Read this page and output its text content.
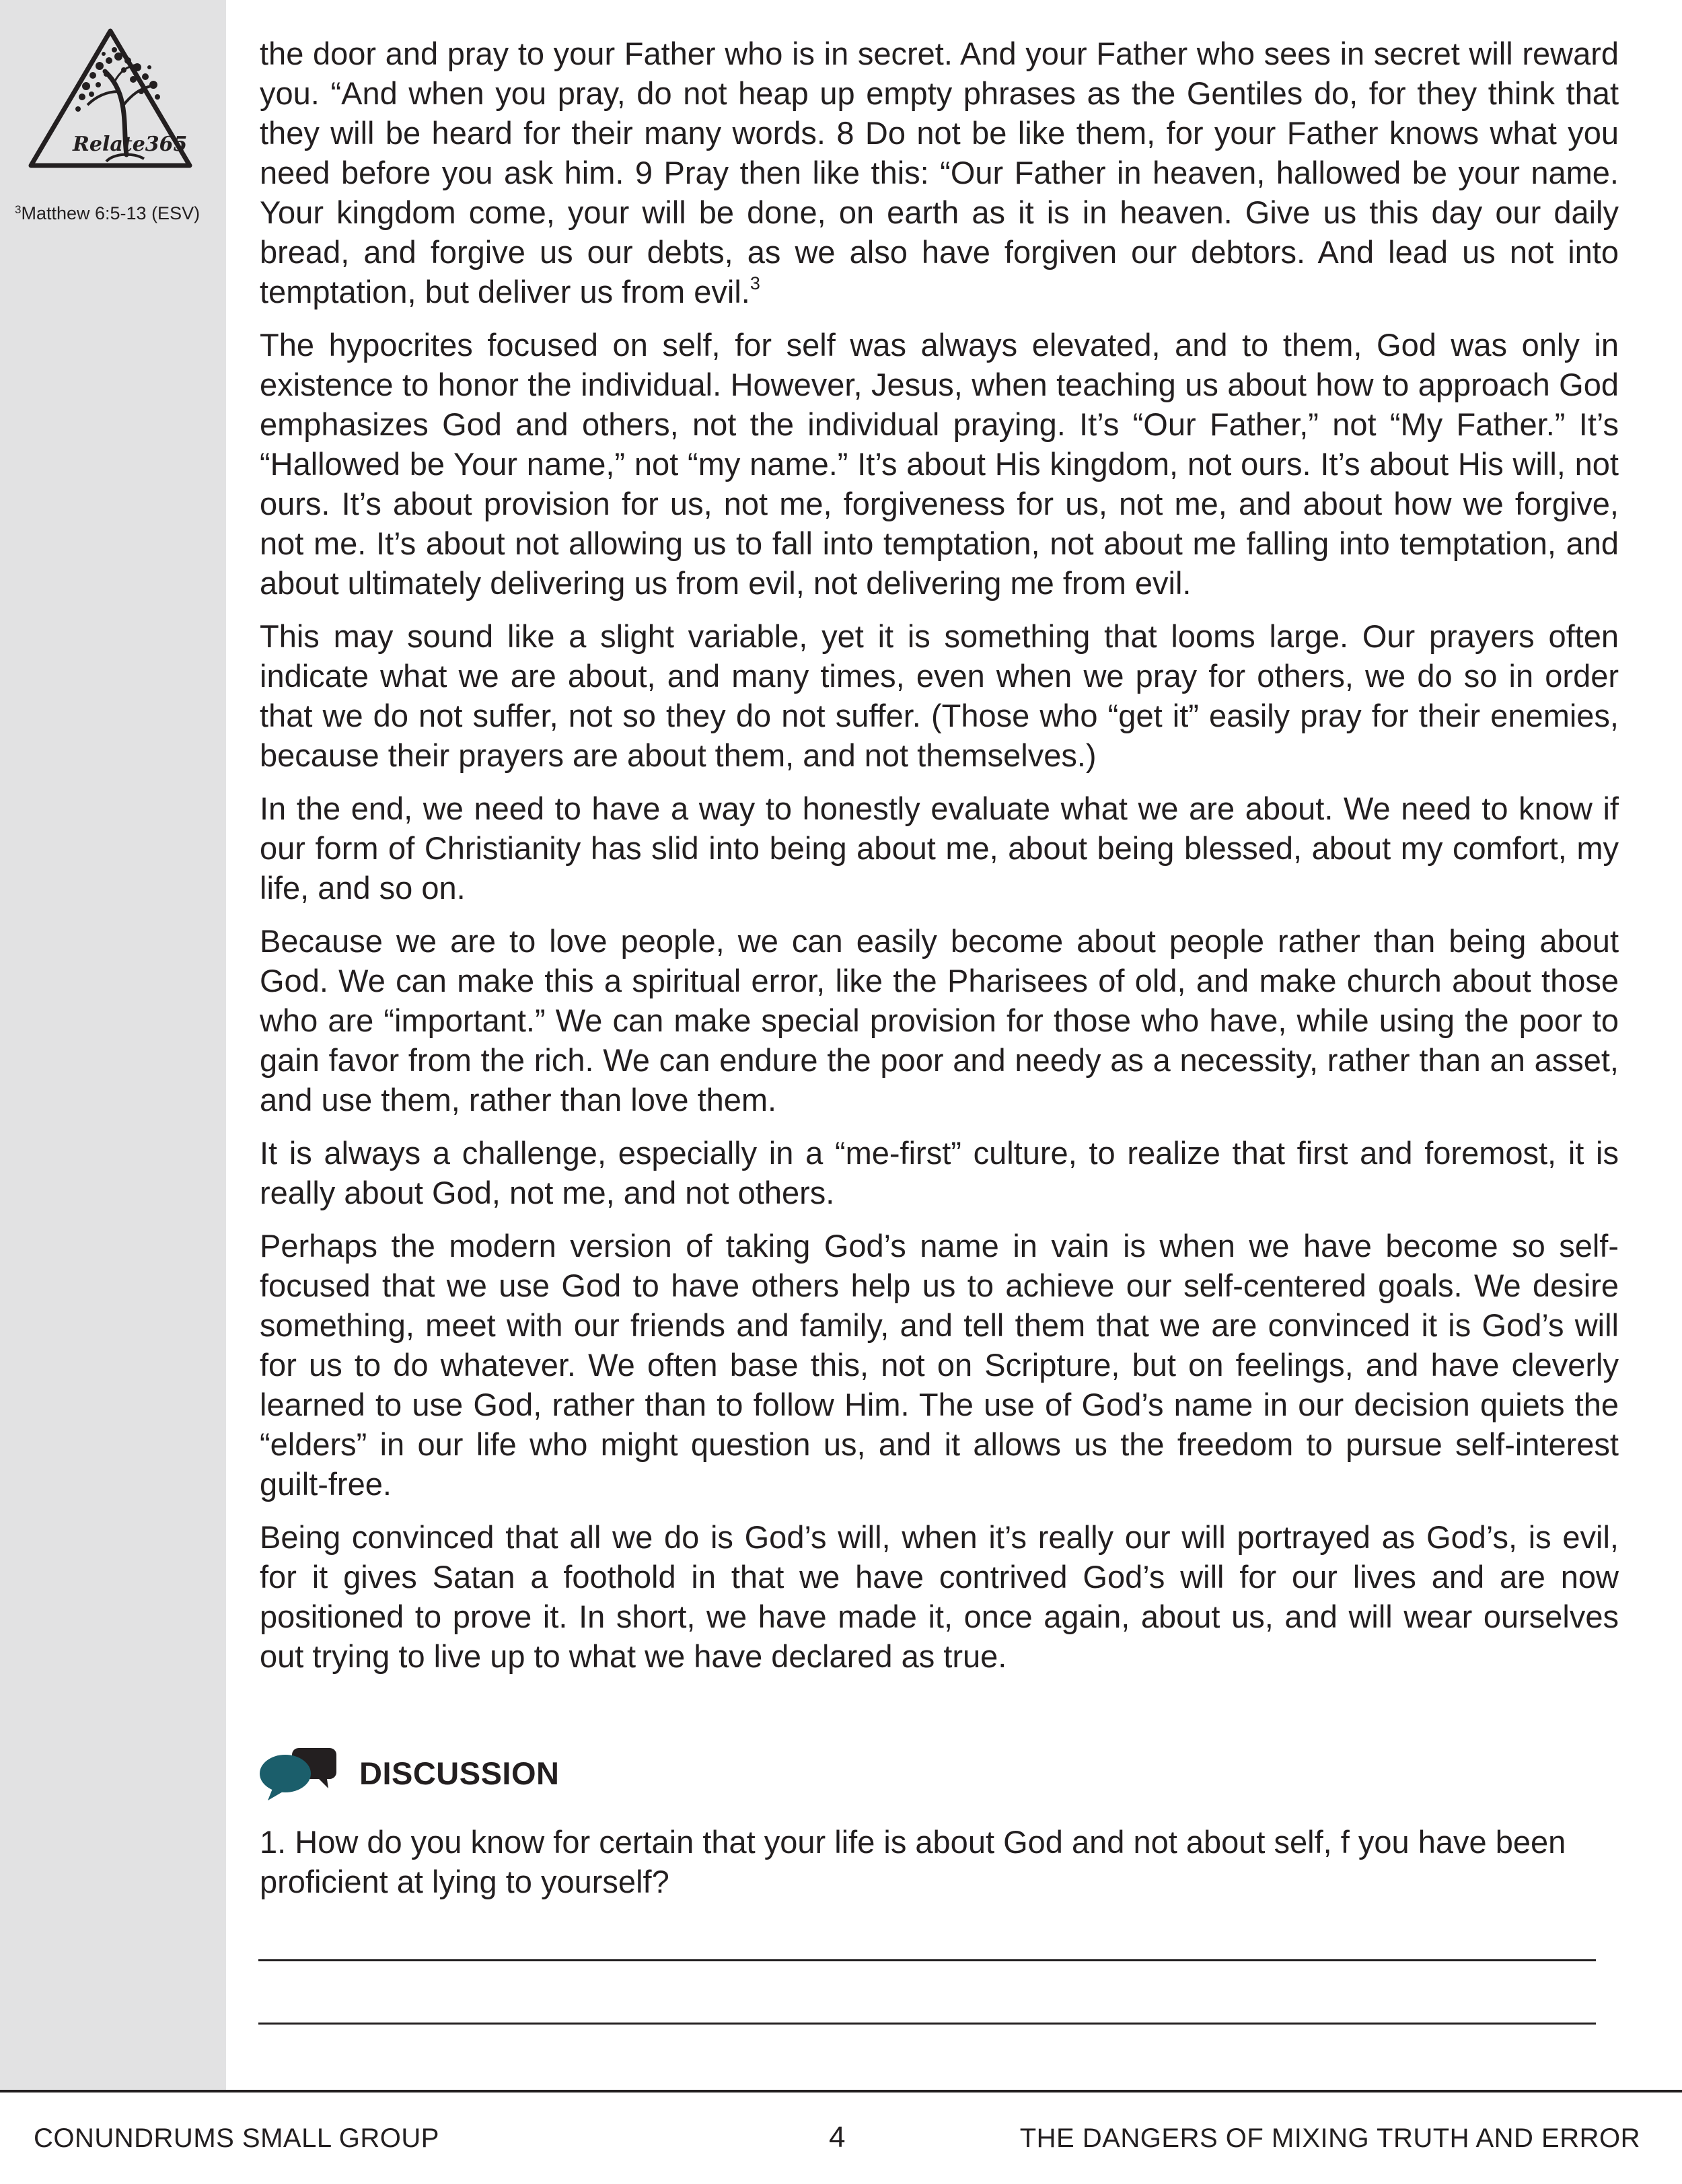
Relate365
$^3$Matthew 6:5-13 (ESV)

the door and pray to your Father who is in secret. And your Father who sees in secret will reward you. “And when you pray, do not heap up empty phrases as the Gentiles do, for they think that they will be heard for their many words. 8 Do not be like them, for your Father knows what you need before you ask him. 9 Pray then like this: “Our Father in heaven, hallowed be your name. Your kingdom come, your will be done, on earth as it is in heaven. Give us this day our daily bread, and forgive us our debts, as we also have forgiven our debtors. And lead us not into temptation, but deliver us from evil.$^3$

The hypocrites focused on self, for self was always elevated, and to them, God was only in existence to honor the individual. However, Jesus, when teaching us about how to approach God emphasizes God and others, not the individual praying. It’s “Our Father,” not “My Father.” It’s “Hallowed be Your name,” not “my name.” It’s about His kingdom, not ours. It’s about His will, not ours. It’s about provision for us, not me, forgiveness for us, not me, and about how we forgive, not me. It’s about not allowing us to fall into temptation, not about me falling into temptation, and about ultimately delivering us from evil, not delivering me from evil.

This may sound like a slight variable, yet it is something that looms large. Our prayers often indicate what we are about, and many times, even when we pray for others, we do so in order that we do not suffer, not so they do not suffer. (Those who “get it” easily pray for their enemies, because their prayers are about them, and not themselves.)

In the end, we need to have a way to honestly evaluate what we are about. We need to know if our form of Christianity has slid into being about me, about being blessed, about my comfort, my life, and so on.

Because we are to love people, we can easily become about people rather than being about God. We can make this a spiritual error, like the Pharisees of old, and make church about those who are “important.” We can make special provision for those who have, while using the poor to gain favor from the rich. We can endure the poor and needy as a necessity, rather than an asset, and use them, rather than love them.

It is always a challenge, especially in a “me-first” culture, to realize that first and foremost, it is really about God, not me, and not others.

Perhaps the modern version of taking God’s name in vain is when we have become so self-focused that we use God to have others help us to achieve our self-centered goals. We desire something, meet with our friends and family, and tell them that we are convinced it is God’s will for us to do whatever. We often base this, not on Scripture, but on feelings, and have cleverly learned to use God, rather than to follow Him. The use of God’s name in our decision quiets the “elders” in our life who might question us, and it allows us the freedom to pursue self-interest guilt-free.

Being convinced that all we do is God’s will, when it’s really our will portrayed as God’s, is evil, for it gives Satan a foothold in that we have contrived God’s will for our lives and are now positioned to prove it. In short, we have made it, once again, about us, and will wear ourselves out trying to live up to what we have declared as true.

DISCUSSION
1. How do you know for certain that your life is about God and not about self, f you have been proficient at lying to yourself?
CONUNDRUMS SMALL GROUP	4	THE DANGERS OF MIXING TRUTH AND ERROR
